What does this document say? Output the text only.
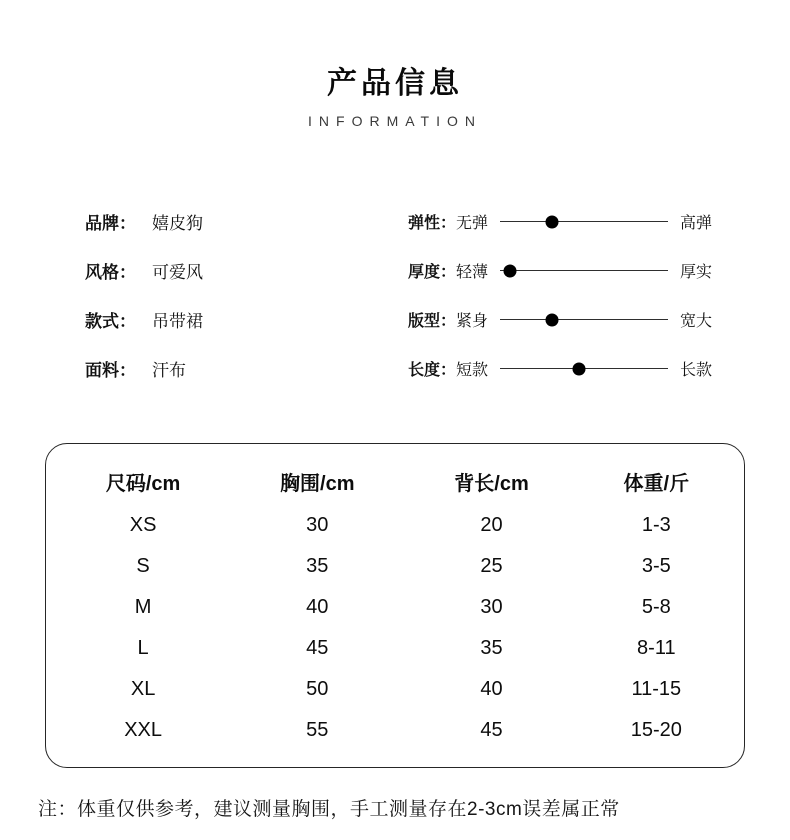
产品信息
INFORMATION
品牌： 嬉皮狗
风格： 可爱风
款式： 吊带裙
面料： 汗布
弹性： 无弹	高弹
厚度： 轻薄	厚实
版型： 紧身	宽大
长度： 短款	长款
尺码/cm	胸围/cm	背长/cm	体重/斤
XS	30	20	1-3
S	35	25	3-5
M	40	30	5-8
L	45	35	8-11
XL	50	40	11-15
XXL	55	45	15-20
注：体重仅供参考，建议测量胸围，手工测量存在2-3cm误差属正常
